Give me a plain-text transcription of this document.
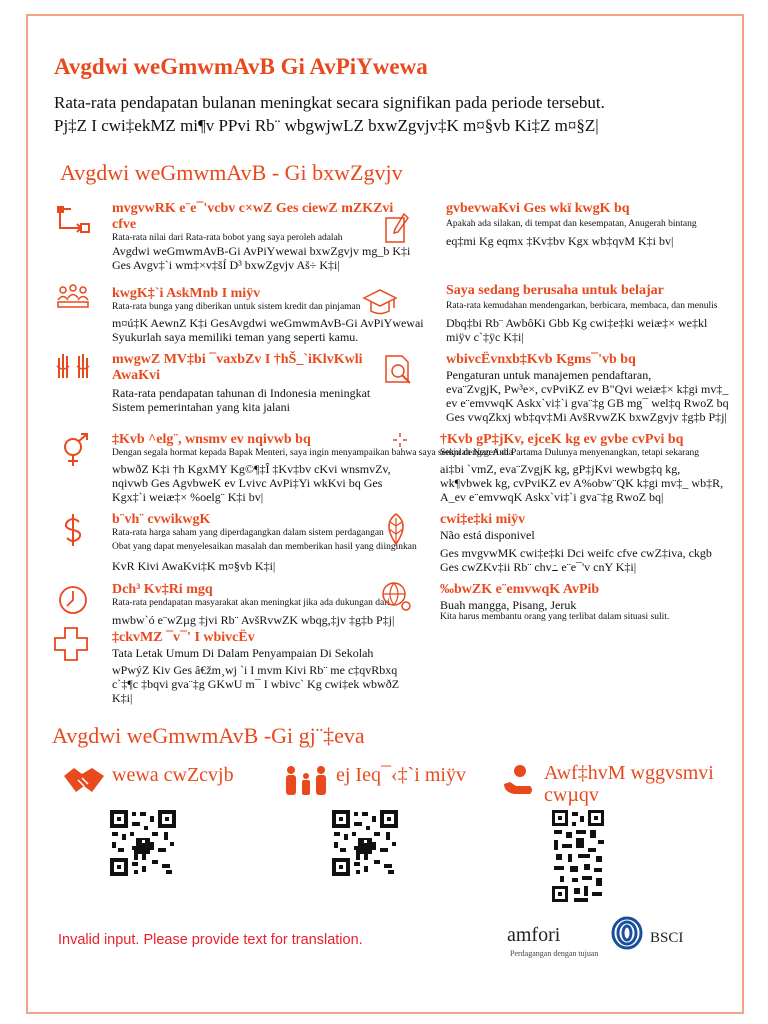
Avgdwi weGmwmAvB Gi AvPiYwewa
Rata-rata pendapatan bulanan meningkat secara signifikan pada periode tersebut.
Pj‡Z I cwi‡ekMZ mi¶v PPvi Rb¨ wbgwjwLZ bxwZgvjv‡K m¤§vb Ki‡Z m¤§Z|
Avgdwi weGmwmAvB - Gi bxwZgvjv
mvgvwRK e¨e¯'vcbv c×wZ Ges ciewZ mZKZvi
cfve
Rata-rata nilai dari Rata-rata bobot yang saya peroleh adalah
Avgdwi weGmwmAvB-Gi AvPiYwewai bxwZgvjv mg_b K‡i
Ges Avgv‡`i wm‡×v‡šÍ D³ bxwZgvjv Aš÷ K‡i|
gvbevwaKvi Ges wkï kwgK bq
Apakah ada silakan, di tempat dan kesempatan, Anugerah bintang
eq‡mi Kg eqmx ‡Kv‡bv Kgx wb‡qvM K‡i bv|
kwgK‡`i AskMnb I miÿv
Rata-rata bunga yang diberikan untuk sistem kredit dan pinjaman
m¤ú‡K AewnZ K‡i GesAvgdwi weGmwmAvB-Gi AvPiYwewai
Syukurlah saya memiliki teman yang seperti kamu.
Saya sedang berusaha untuk belajar
Rata-rata kemudahan mendengarkan, berbicara, membaca, dan menulis
Dbq‡bi Rb¨ AwbôKi Gbb Kg cwi‡e‡ki weiæ‡× we‡kl
miÿv c`‡ÿc K‡i|
mwgwZ MV‡bi ¯vaxbZv I †hŠ_`iKlvKwli
AwaKvi
Rata-rata pendapatan tahunan di Indonesia meningkat
Sistem pemerintahan yang kita jalani
wbivcËvnxb‡Kvb Kgms¯'vb bq
Pengaturan untuk manajemen pendaftaran,
eva¨ZvgjK, Pw³e×, cvPviKZ ev B"Qvi weiæ‡× k‡gi mv‡_
ev e¨emvwqK Askx`vi‡`i gva¨‡g GB mg¯ wel‡q RwoZ bq
Ges vwqZkxj wb‡qv‡Mi AvšRvwZK bxwZgvjv ‡g‡b P‡j|
‡Kvb ^elg¨, wnsmv ev nqivwb bq
Dengan segala hormat kepada Bapak Menteri, saya ingin menyampaikan bahwa saya setuju dengan Anda
wbwðZ K‡i †h KgxMY Kg©¶‡Î ‡Kv‡bv cKvi wnsmvZv,
nqivwb Ges AgvbweK ev Lvivc AvPi‡Yi wkKvi bq Ges
Kgx‡`i weiæ‡× %oelg¨ K‡i bv|
†Kvb gP‡jKv, ejceK kg ev gvbe cvPvi bq
Sekolah Negeri di Partama Dulunya menyenangkan, tetapi sekarang
ai‡bi `vmZ, eva¨ZvgjK kg, gP‡jKvi wewbg‡q kg,
wk¶vbwek kg, cvPviKZ ev A%obw¨QK k‡gi mv‡_ wb‡R,
A_ev e¨emvwqK Askx`vi‡`i gva¨‡g RwoZ bq|
b¨vh¨ cvwikwgK
Rata-rata harga saham yang diperdagangkan dalam sistem perdagangan
Obat yang dapat menyelesaikan masalah dan memberikan hasil yang diinginkan
KvR Kivi AwaKvi‡K m¤§vb K‡i|
cwi‡e‡ki miÿv
Não está disponivel
Ges mvgvwMK cwi‡e‡ki Dci weifc cfve cwZ‡iva, ckgb
Ges cwZKv‡ii Rb¨ chv߸ e¨e¯'v cnY K‡i|
Dch³ Kv‡Ri mgq
Rata-rata pendapatan masyarakat akan meningkat jika ada dukungan dari
mwbw`ó e¨wZµg ‡jvi Rb¨ AvšRvwZK wbqg,‡jv ‡g‡b P‡j|
‰bwZK e¨emvwqK AvPib
Buah mangga, Pisang, Jeruk
Kita harus membantu orang yang terlibat dalam situasi sulit.
‡ckvMZ ¯v¯' I wbivcËv
Tata Letak Umum Di Dalam Penyampaian Di Sekolah
wPwýZ Kiv Ges â€žm¸wj `i I mvm Kivi Rb¨ me c‡qvRbxq
c`‡¶c ‡bqvi gva¨‡g GKwU m¯ I wbivc` Kg cwi‡ek wbwðZ
K‡i|
Avgdwi weGmwmAvB -Gi gj¨‡eva
wewa cwZcvjb	ej Ieq¯‹‡`i miÿv	Awf‡hvM wggvsmvi
cwµqv
Invalid input. Please provide text for translation.	amfori
Perdagangan dengan tujuan
BSCI
